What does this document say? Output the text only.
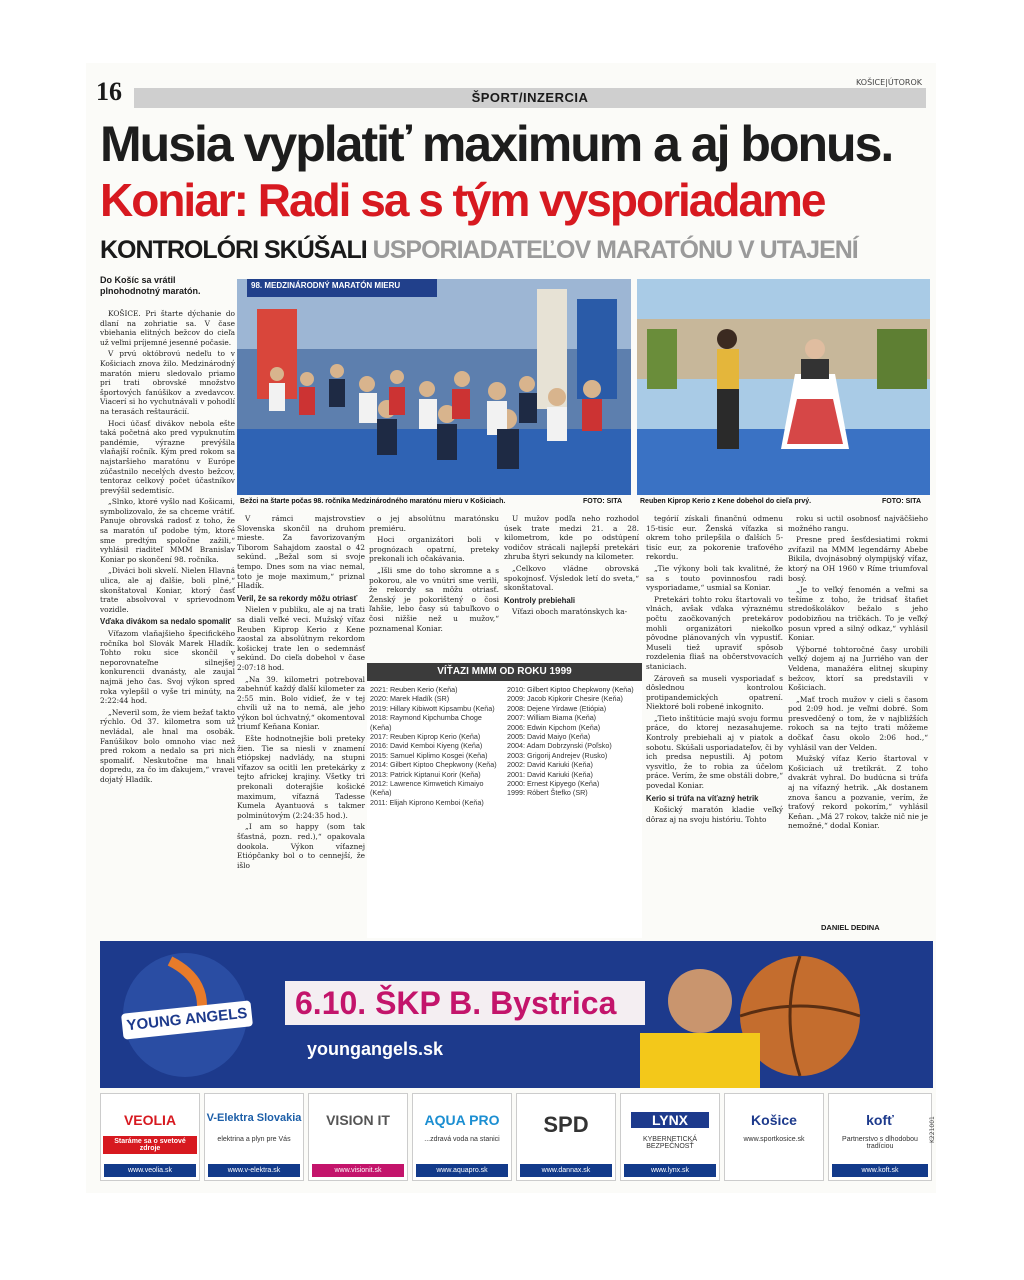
16	KOŠICE|ÚTOROK
ŠPORT/INZERCIA
Musia vyplatiť maximum a aj bonus.
Koniar: Radi sa s tým vysporiadame
KONTROLÓRI SKÚŠALI USPORIADATEĽOV MARATÓNU V UTAJENÍ
Do Košíc sa vrátil plnohodnotný maratón.

KOŠICE. Pri štarte dýchanie do dlaní na zohriatie sa. V čase vbiehania elitných bežcov do cieľa už veľmi príjemné jesenné počasie.

V prvú októbrovú nedeľu to v Košiciach znova žilo. Medzinárodný maratón mieru sledovalo priamo pri trati obrovské množstvo športových fanúšikov a zvedavcov. Viacerí si ho vychutnávali v pohodlí na terasách reštaurácií.

Hoci účasť divákov nebola ešte taká početná ako pred vypuknutím pandémie, výrazne prevýšila vlaňajší ročník. Kým pred rokom sa najstaršieho maratónu v Európe zúčastnilo necelých dvesto bežcov, tentoraz celkový počet účastníkov prevýšil sedemtisíc.

„Slnko, ktoré vyšlo nad Košicami, symbolizovalo, že sa chceme vrátiť. Panuje obrovská radosť z toho, že sa maratón uľ podobe tým, ktoré sme predtým spoločne zažili,“ vyhlásil riaditeľ MMM Branislav Koniar po skončení 98. ročníka.

„Diváci boli skvelí. Nielen Hlavná ulica, ale aj ďalšie, boli plné,“ skonštatoval Koniar, ktorý časť trate absolvoval v sprievodnom vozidle.

Vďaka divákom sa nedalo spomaliť

Víťazom vlaňajšieho špecifického ročníka bol Slovák Marek Hladík. Tohto roku sice skončil v neporovnateľne silnejšej konkurencii dvanásty, ale zaujal najmä jeho čas. Svoj výkon spred roka vylepšil o vyše tri minúty, na 2:22:44 hod.

„Neveril som, že viem bežať takto rýchlo. Od 37. kilometra som už nevládal, ale hnal ma osobák. Fanúšikov bolo omnoho viac než pred rokom a nedalo sa pri nich spomaliť. Neskutočne ma hnali dopredu, za čo im ďakujem,“ vravel dojatý Hladík.

98. MEDZINÁRODNÝ MARATÓN MIERU
Bežci na štarte počas 98. ročníka Medzinárodného maratónu mieru v Košiciach.	FOTO: SITA	Reuben Kiprop Kerio z Kene dobehol do cieľa prvý.	FOTO: SITA

V rámci majstrovstiev Slovenska skončil na druhom mieste. Za favorizovaným Tiborom Sahajdom zaostal o 42 sekúnd. „Bežal som si svoje tempo. Dnes som na viac nemal, toto je moje maximum,“ priznal Hladík.

Veril, že sa rekordy môžu otriasť

Nielen v publiku, ale aj na trati sa diali veľké veci. Mužský víťaz Reuben Kiprop Kerio z Kene zaostal za absolútnym rekordom košickej trate len o sedemnásť sekúnd. Do cieľa dobehol v čase 2:07:18 hod.

„Na 39. kilometri potreboval zabehnúť každý ďalší kilometer za 2:55 min. Bolo vidieť, že v tej chvíli už na to nemá, ale jeho výkon bol úchvatný,“ okomentoval triumf Keňana Koniar.

Ešte hodnotnejšie boli preteky žien. Tie sa niesli v znamení etiópskej nadvlády, na stupni víťazov sa ocitli len pretekárky z tejto africkej krajiny. Všetky tri prekonali doterajšie košické maximum, víťazná Tadesse Kumela Ayantuová s takmer polminútovým (2:24:35 hod.).

„I am so happy (som tak šťastná, pozn. red.),“ opakovala dookola. Výkon víťaznej Etiópčanky bol o to cennejší, že išlo

o jej absolútnu maratónsku premiéru.

Hoci organizátori boli v prognózach opatrní, preteky prekonali ich očakávania.

„Išli sme do toho skromne a s pokorou, ale vo vnútri sme verili, že rekordy sa môžu otriasť. Ženský je pokorištený o čosi ľahšie, lebo časy sú tabuľkovo o čosi nižšie než u mužov,“ poznamenal Koniar.

U mužov podľa neho rozhodol úsek trate medzi 21. a 28. kilometrom, kde po odstúpení vodičov strácali najlepší pretekári zhruba štyri sekundy na kilometer.

„Celkovo vládne obrovská spokojnosť. Výsledok letí do sveta,“ skonštatoval.

Kontroly prebiehali

Víťazi oboch maratónskych ka-

VÍŤAZI MMM OD ROKU 1999
2021: Reuben Kerio (Keňa)
2020: Marek Hladík (SR)
2019: Hillary Kibiwott Kipsambu (Keňa)
2018: Raymond Kipchumba Choge (Keňa)
2017: Reuben Kiprop Kerio (Keňa)
2016: David Kemboi Kiyeng (Keňa)
2015: Samuel Kiplimo Kosgei (Keňa)
2014: Gilbert Kiptoo Chepkwony (Keňa)
2013: Patrick Kiptanui Korir (Keňa)
2012: Lawrence Kimwetich Kimaiyo (Keňa)
2011: Elijah Kiprono Kemboi (Keňa)
2010: Gilbert Kiptoo Chepkwony (Keňa)
2009: Jacob Kipkorir Chesire (Keňa)
2008: Dejene Yirdawe (Etiópia)
2007: William Biama (Keňa)
2006: Edwin Kipchom (Keňa)
2005: David Maiyo (Keňa)
2004: Adam Dobrzynski (Poľsko)
2003: Grigorij Andrejev (Rusko)
2002: David Kariuki (Keňa)
2001: David Kariuki (Keňa)
2000: Ernest Kipyego (Keňa)
1999: Róbert Štefko (SR)

tegórií získali finančnú odmenu 15-tisíc eur. Ženská víťazka si okrem toho prilepšila o ďalších 5-tisíc eur, za pokorenie traťového rekordu.

„Tie výkony boli tak kvalitné, že sa s touto povinnosťou radi vysporiadame,“ usmial sa Koniar.

Pretekári tohto roku štartovali vo vlnách, avšak vďaka výraznému počtu zaočkovaných pretekárov mohli organizátori niekoľko pôvodne plánovaných vĺn vypustiť. Museli tiež upraviť spôsob rozdelenia fliaš na občerstvovacích staniciach.

Zároveň sa museli vysporiadať s dôslednou kontrolou protipandemických opatrení. Niektoré boli robené inkognito.

„Tieto inštitúcie majú svoju formu práce, do ktorej nezasahujeme. Kontroly prebiehali aj v piatok a sobotu. Skúšali usporiadateľov, či by ich predsa nepustili. Aj potom vysvitlo, že to robia za účelom práce. Verím, že sme obstáli dobre,“ povedal Koniar.

Kerio si trúfa na víťazný hetrik

Košický maratón kladie veľký dôraz aj na svoju históriu. Tohto

roku si uctil osobnosť najväčšieho možného rangu.

Presne pred šesťdesiatimi rokmi zvíťazil na MMM legendárny Abebe Bikila, dvojnásobný olympijský víťaz, ktorý na OH 1960 v Ríme triumfoval bosý.

„Je to veľký fenomén a veľmi sa tešíme z toho, že tridsať štafiet stredoškolákov bežalo s jeho podobizňou na tričkách. To je veľký posun vpred a silný odkaz,“ vyhlásil Koniar.

Výborné tohtoročné časy urobili veľký dojem aj na Jurriého van der Veldena, manažéra elitnej skupiny bežcov, ktorí sa predstavili v Košiciach.

„Mať troch mužov v cieli s časom pod 2:09 hod. je veľmi dobré. Som presvedčený o tom, že v najbližších rokoch sa na tejto trati môžeme dočkať času okolo 2:06 hod.,“ vyhlásil van der Velden.

Mužský víťaz Kerio štartoval v Košiciach už tretíkrát. Z toho dvakrát vyhral. Do budúcna si trúfa aj na víťazný hetrik. „Ak dostanem znova šancu a pozvanie, verím, že traťový rekord pokorím,“ vyhlásil Keňan. „Má 27 rokov, takže nič nie je nemožné,“ dodal Koniar.

DANIEL DEDINA
YOUNG ANGELS 6.10. ŠKP B. Bystrica
youngangels.sk
VEOLIA
Staráme sa o svetové zdroje
www.veolia.sk
V-Elektra Slovakia
elektrina a plyn pre Vás
www.v-elektra.sk
VISION IT
www.visionit.sk
AQUA PRO
...zdravá voda na stanici
www.aquapro.sk
SPD
www.dannax.sk
LYNX
KYBERNETICKÁ BEZPEČNOSŤ
www.lynx.sk
Košice
www.sportkosice.sk
kofť
Partnerstvo s dlhodobou tradíciou
www.koft.sk
K221001
